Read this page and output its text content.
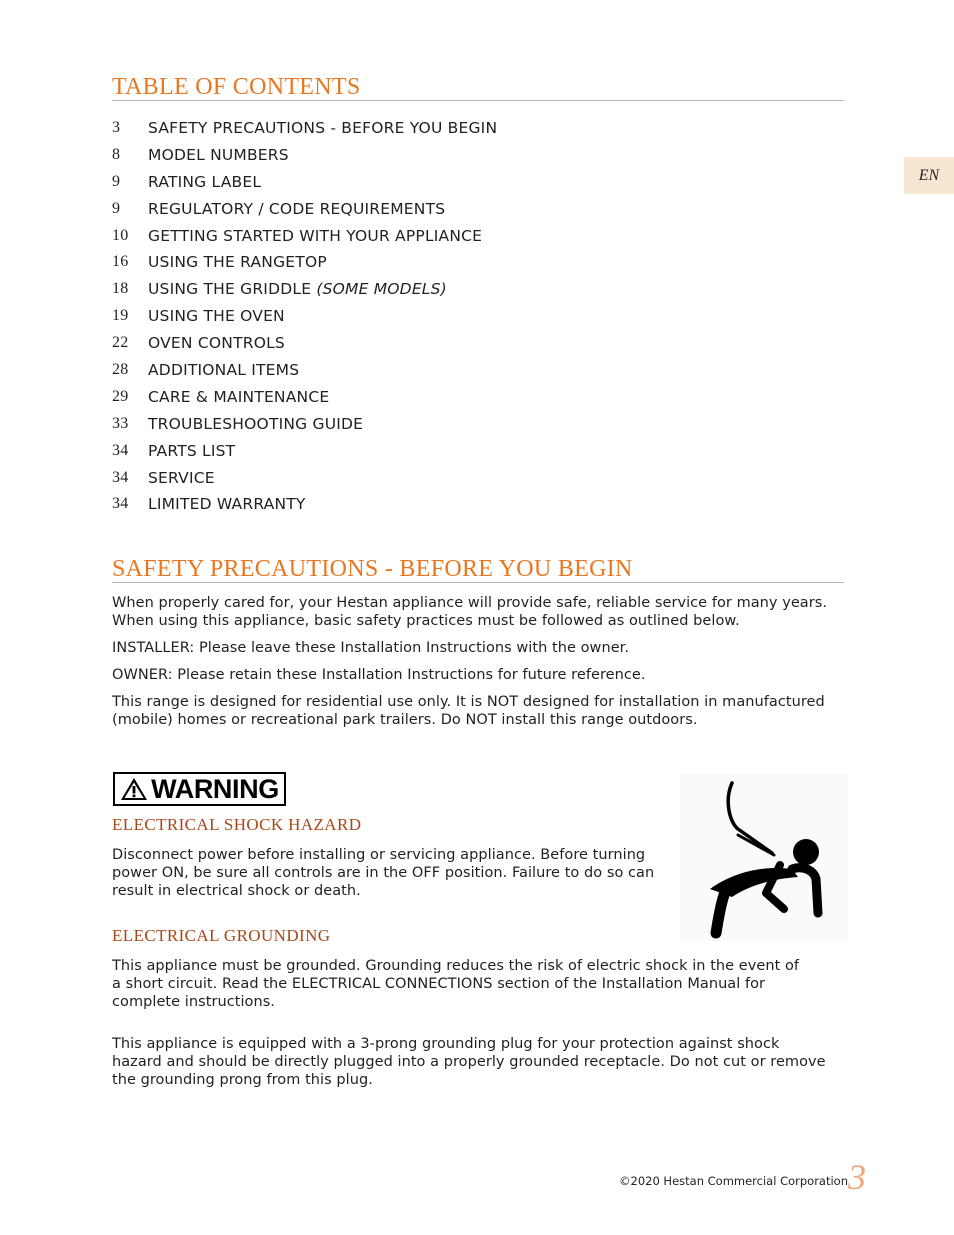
EN
TABLE OF CONTENTS
3	SAFETY PRECAUTIONS - BEFORE YOU BEGIN
8	MODEL NUMBERS
9	RATING LABEL
9	REGULATORY / CODE REQUIREMENTS
10	GETTING STARTED WITH YOUR APPLIANCE
16	USING THE RANGETOP
18	USING THE GRIDDLE
(SOME MODELS)
19	USING THE OVEN
22	OVEN CONTROLS
28	ADDITIONAL ITEMS
29	CARE & MAINTENANCE
33	TROUBLESHOOTING GUIDE
34	PARTS LIST
34	SERVICE
34	LIMITED WARRANTY
SAFETY PRECAUTIONS - BEFORE YOU BEGIN

When properly cared for, your Hestan appliance will provide safe, reliable service for many years. When using this appliance, basic safety practices must be followed as outlined below.

INSTALLER: Please leave these Installation Instructions with the owner.

OWNER: Please retain these Installation Instructions for future reference.

This range is designed for residential use only. It is NOT designed for installation in manufactured (mobile) homes or recreational park trailers. Do NOT install this range outdoors.

WARNING
ELECTRICAL SHOCK HAZARD

Disconnect power before installing or servicing appliance. Before turning power ON, be sure all controls are in the OFF position. Failure to do so can result in electrical shock or death.

ELECTRICAL GROUNDING

This appliance must be grounded. Grounding reduces the risk of electric shock in the event of a short circuit. Read the ELECTRICAL CONNECTIONS section of the Installation Manual for complete instructions.

This appliance is equipped with a 3-prong grounding plug for your protection against shock hazard and should be directly plugged into a properly grounded receptacle. Do not cut or remove the grounding prong from this plug.

©2020 Hestan Commercial Corporation 3
